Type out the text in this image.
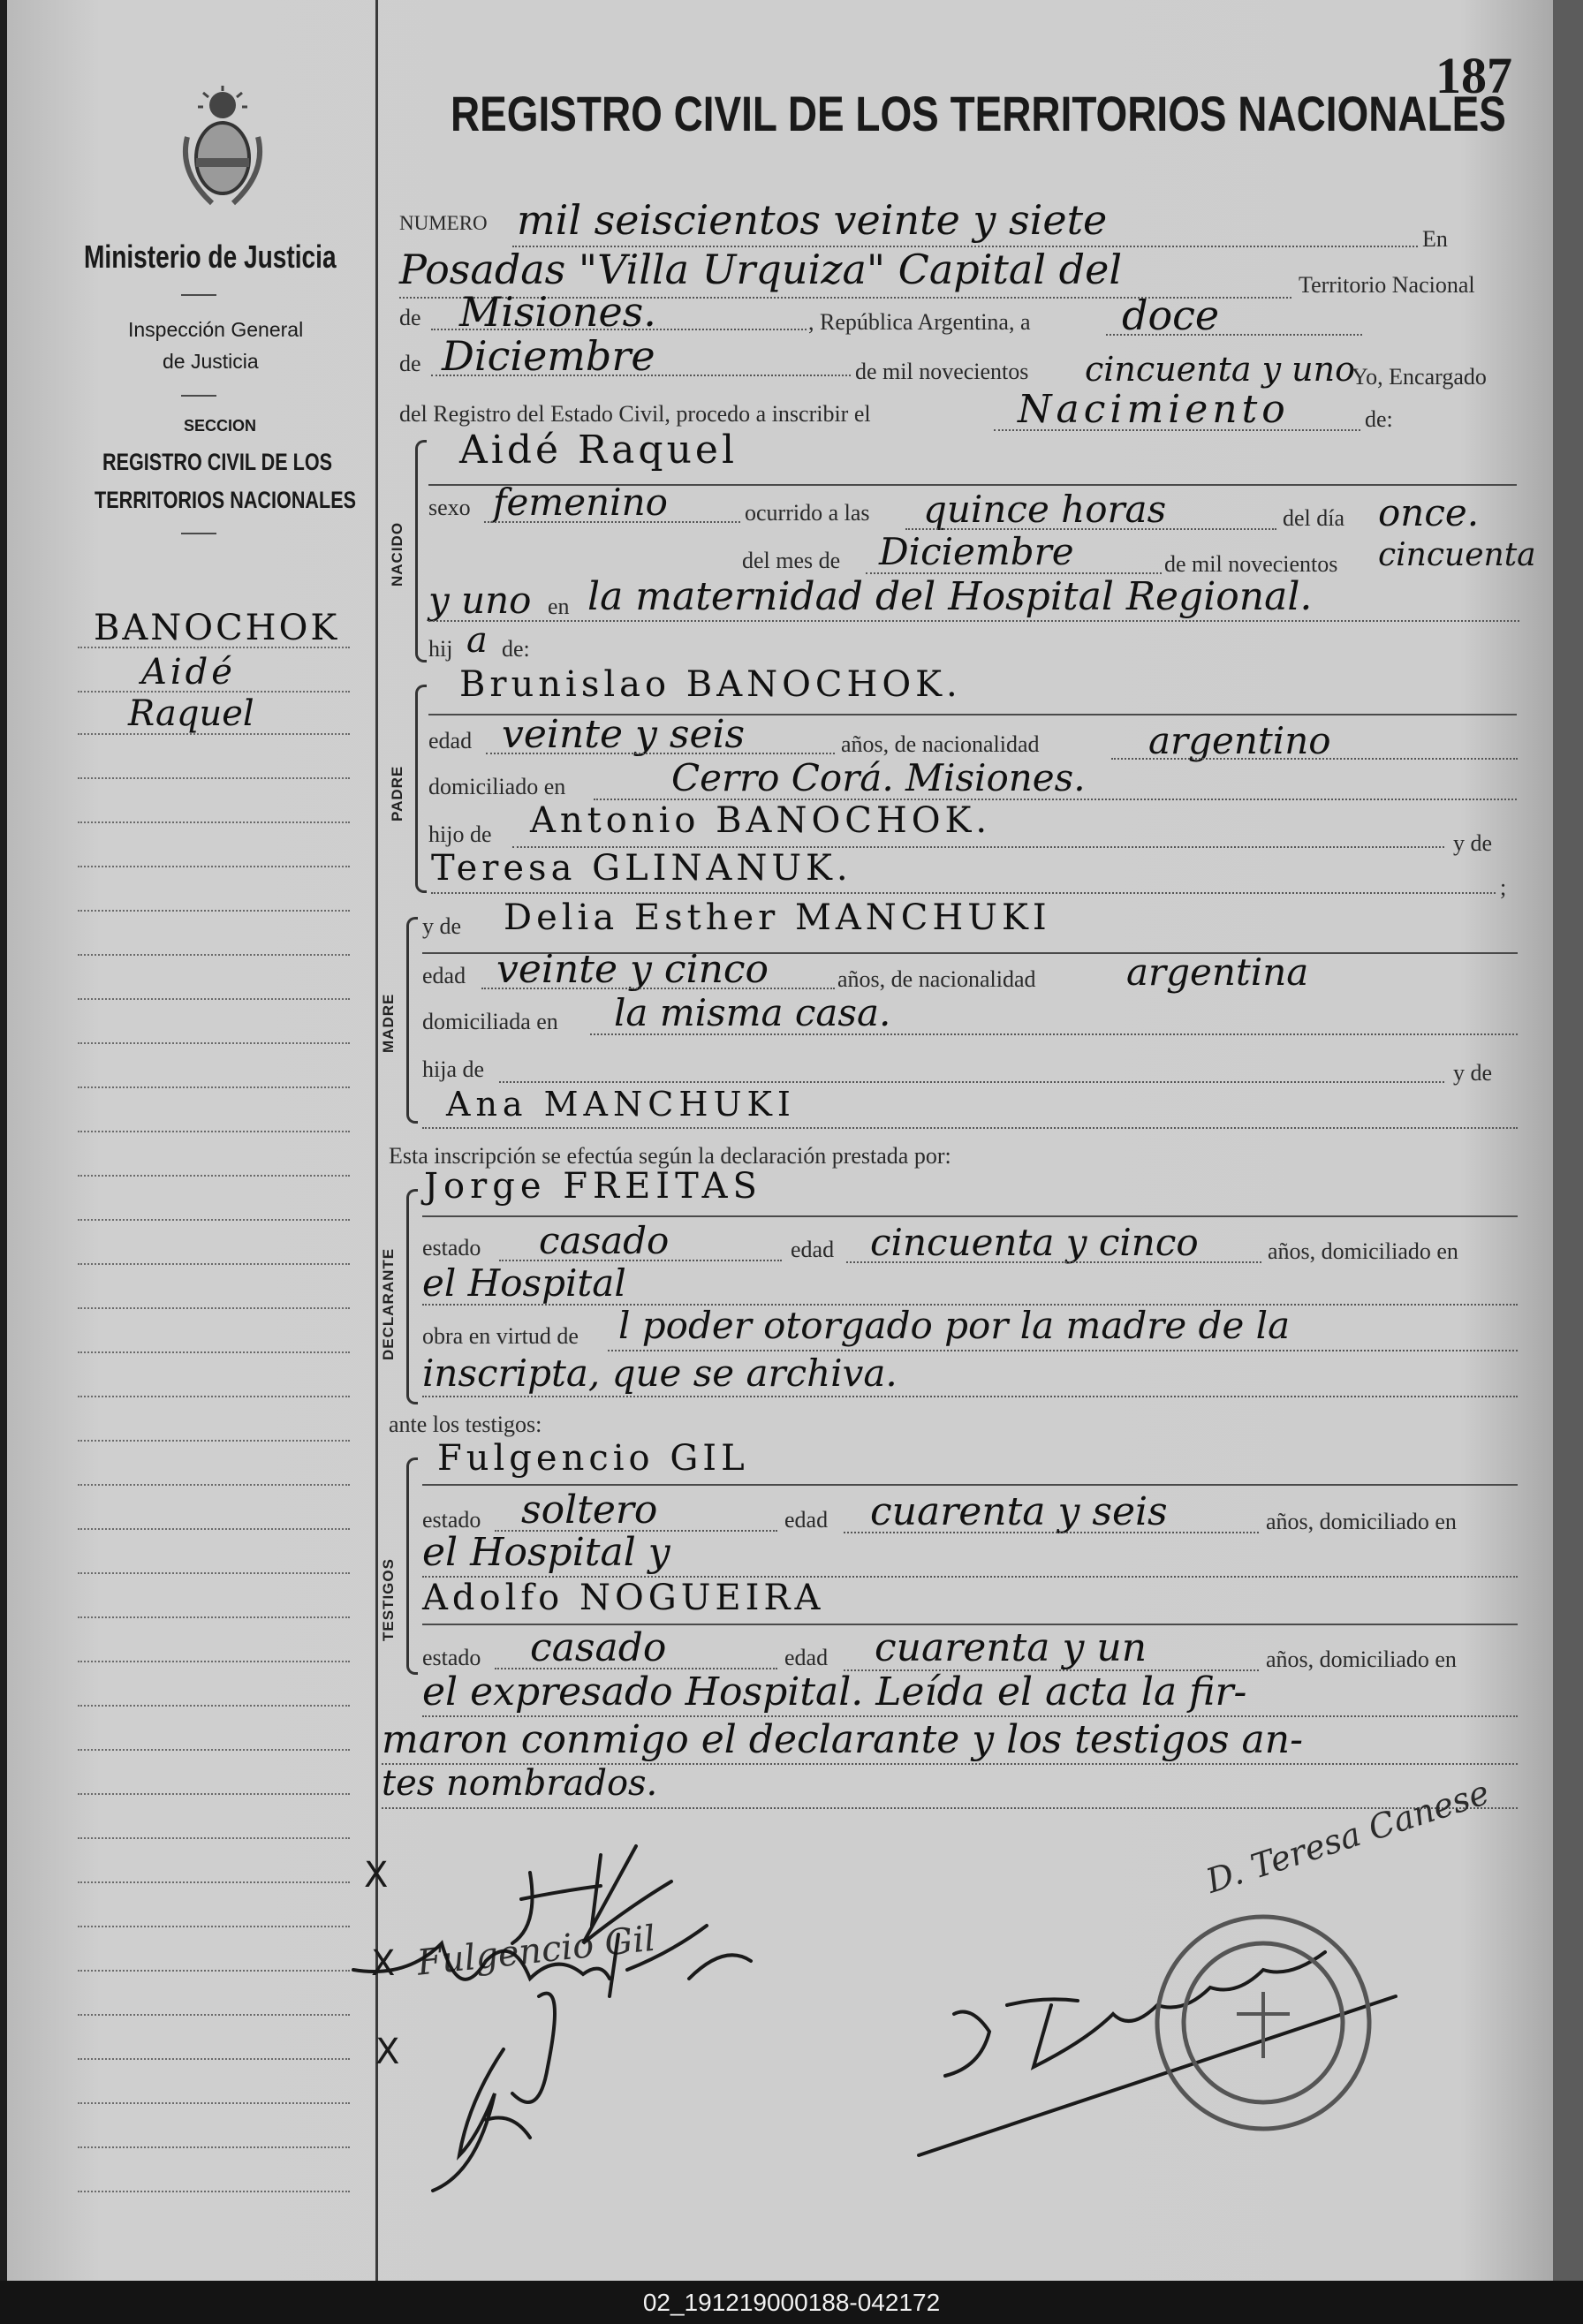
187
REGISTRO CIVIL DE LOS TERRITORIOS NACIONALES
Ministerio de Justicia
Inspección General
de Justicia
SECCION
REGISTRO CIVIL DE LOS
TERRITORIOS NACIONALES
BANOCHOK
Aidé
Raquel
NUMERO mil seiscientos veinte y siete	En
Posadas "Villa Urquiza" Capital del	Territorio Nacional
de Misiones.	, República Argentina, a doce
de Diciembre	de mil novecientos cincuenta y uno
Yo, Encargado
del Registro del Estado Civil, procedo a inscribir el	Nacimiento	de:
NACIDO
Aidé Raquel
sexo femenino	ocurrido a las quince horas	del día once.
del mes de Diciembre	de mil novecientos cincuenta
y uno en la maternidad del Hospital Regional.
hij a de:
PADRE
Brunislao BANOCHOK.
edad veinte y seis	años, de nacionalidad	argentino
domiciliado en	Cerro Corá. Misiones.
hijo de Antonio BANOCHOK.
y de
Teresa GLINANUK.	;
MADRE
y de Delia Esther MANCHUKI
edad veinte y cinco	años, de nacionalidad argentina
domiciliada en la misma casa.
hija de	y de
Ana MANCHUKI
Esta inscripción se efectúa según la declaración prestada por:
DECLARANTE
Jorge FREITAS
estado casado	edad cincuenta y cinco	años, domiciliado en
el Hospital
obra en virtud de l poder otorgado por la madre de la
inscripta, que se archiva.
ante los testigos:
TESTIGOS
Fulgencio GIL
estado soltero	edad cuarenta y seis	años, domiciliado en
el Hospital y
Adolfo NOGUEIRA
estado casado	edad cuarenta y un	años, domiciliado en
el expresado Hospital. Leída el acta la fir-
maron conmigo el declarante y los testigos an-
tes nombrados.
X
X
X
D. Teresa Canese
Fulgencio Gil
02_191219000188-042172
